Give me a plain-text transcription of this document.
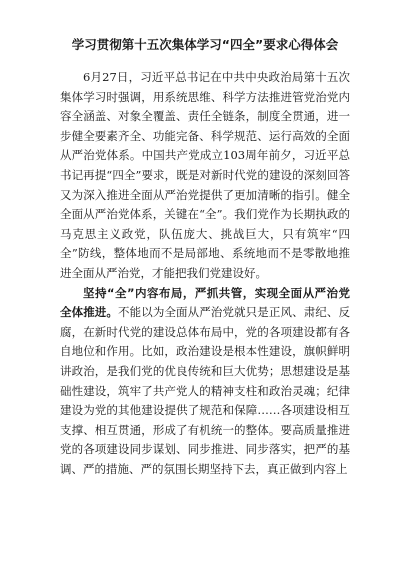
学习贯彻第十五次集体学习“四全”要求心得体会

6月27日，习近平总书记在中共中央政治局第十五次集体学习时强调，用系统思维、科学方法推进管党治党内容全涵盖、对象全覆盖、责任全链条，制度全贯通，进一步健全要素齐全、功能完备、科学规范、运行高效的全面从严治党体系。中国共产党成立103周年前夕，习近平总书记再提“四全”要求，既是对新时代党的建设的深刻回答又为深入推进全面从严治党提供了更加清晰的指引。健全全面从严治党体系，关键在“全”。我们党作为长期执政的马克思主义政党，队伍庞大、挑战巨大，只有筑牢“四全”防线，整体地而不是局部地、系统地而不是零散地推进全面从严治党，才能把我们党建设好。

坚持“全”内容布局，严抓共管，实现全面从严治党全体推进。不能以为全面从严治党就只是正风、肃纪、反腐，在新时代党的建设总体布局中，党的各项建设都有各自地位和作用。比如，政治建设是根本性建设，旗帜鲜明讲政治，是我们党的优良传统和巨大优势；思想建设是基础性建设，筑牢了共产党人的精神支柱和政治灵魂；纪律建设为党的其他建设提供了规范和保障……各项建设相互支撑、相互贯通，形成了有机统一的整体。要高质量推进党的各项建设同步谋划、同步推进、同步落实，把严的基调、严的措施、严的氛围长期坚持下去，真正做到内容上
